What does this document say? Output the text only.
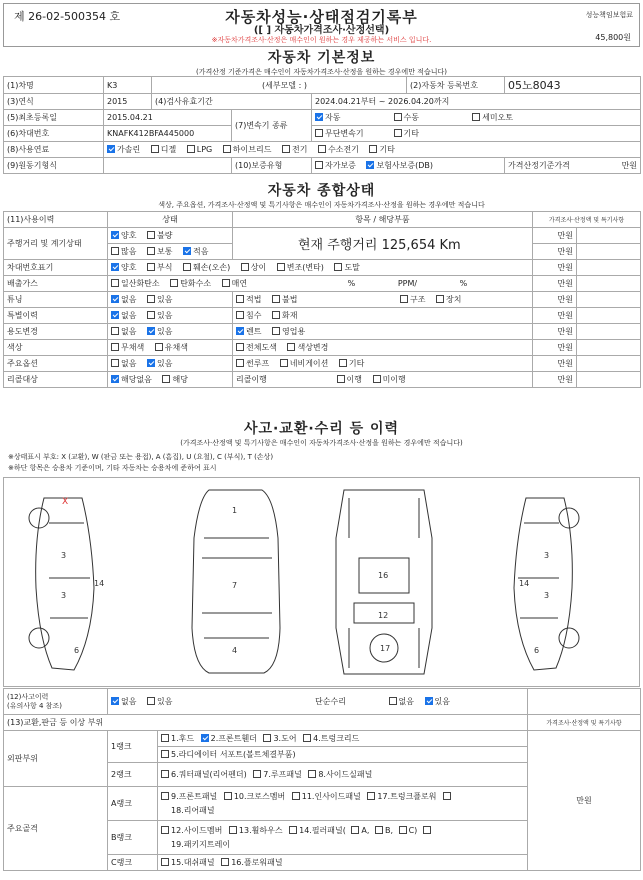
제 26-02-500354 호	자동차성능·상태점검기록부
([ ] 자동차가격조사·산정선택)
※자동차가격조사·산정은 매수인이 원하는 경우 제공하는 서비스 입니다.
성능책임보험료
45,800원
자동차 기본정보
(가격산정 기준가격은 매수인이 자동차가격조사·산정을 원하는 경우에만 적습니다)
(1)차명	K3	(세부모델 : )			(2)자동차 등록번호	05노8043
(3)연식	2015	(4)검사유효기간		2024.04.21부터 ~ 2026.04.20까지		
(5)최초등록일	2015.04.21		(7)변속기 종류	자동 수동 세미오토		
(6)차대번호	KNAFK412BFA445000			무단변속기 기타		
(8)사용연료	가솔린 디젤 LPG 하이브리드 전기 수소전기 기타					
(9)원동기형식			(10)보증유형	자가보증 보험사보증(DB)		가격산정기준가격 만원
자동차 종합상태
색상, 주요옵션, 가격조사·산정액 및 특기사항은 매수인이 자동차가격조사·산정을 원하는 경우에만 적습니다
(11)사용이력	상태	항목 / 해당부품	가격조사·산정액 및 특기사항	
주행거리 및 계기상태	양호 불량	현재 주행거리 125,654 Km	만원	
	많음 보통 적음		만원	
차대번호표기	양호 부식 훼손(오손) 상이 변조(변타) 도말		만원	
배출가스	일산화탄소 탄화수소 매연 % PPM/ %		만원	
튜닝	없음 있음	적법 불법 구조 장치	만원	
특별이력	없음 있음	침수 화재	만원	
용도변경	없음 있음	렌트 영업용	만원	
색상	무채색 유채색	전체도색 색상변경	만원	
주요옵션	없음 있음	썬루프 네비게이션 기타	만원	
리콜대상	해당없음 해당	리콜이행 이행 미이행	만원	
사고·교환·수리 등 이력
(가격조사·산정액 및 특기사항은 매수인이 자동차가격조사·산정을 원하는 경우에만 적습니다)
※상태표시 부호: X (교환), W (판금 또는 용접), A (흠집), U (요철), C (부식), T (손상)
※하단 항목은 승용차 기준이며, 기타 자동차는 승용차에 준하여 표시
3
3
14
6
1
7
4
16
12
17
3
3
14
6
X
(12)사고이력
(유의사항 4 참조)	없음 있음 단순수리 없음 있음		
(13)교환,판금 등 이상 부위			가격조사·산정액 및 특기사항
외판부위	1랭크	1.후드 2.프론트휀더 3.도어 4.트렁크리드	만원
		5.라디에이터 서포트(볼트체결부품)	
	2랭크	6.쿼터패널(리어펜더) 7.루프패널 8.사이드실패널	
주요골격	A랭크	9.프론트패널 10.크로스멤버 11.인사이드패널 17.트렁크플로워
18.리어패널	
	B랭크	12.사이드멤버 13.휠하우스 14.필러패널( A, B, C)
19.패키지트레이	
	C랭크	15.대쉬패널 16.플로워패널	
